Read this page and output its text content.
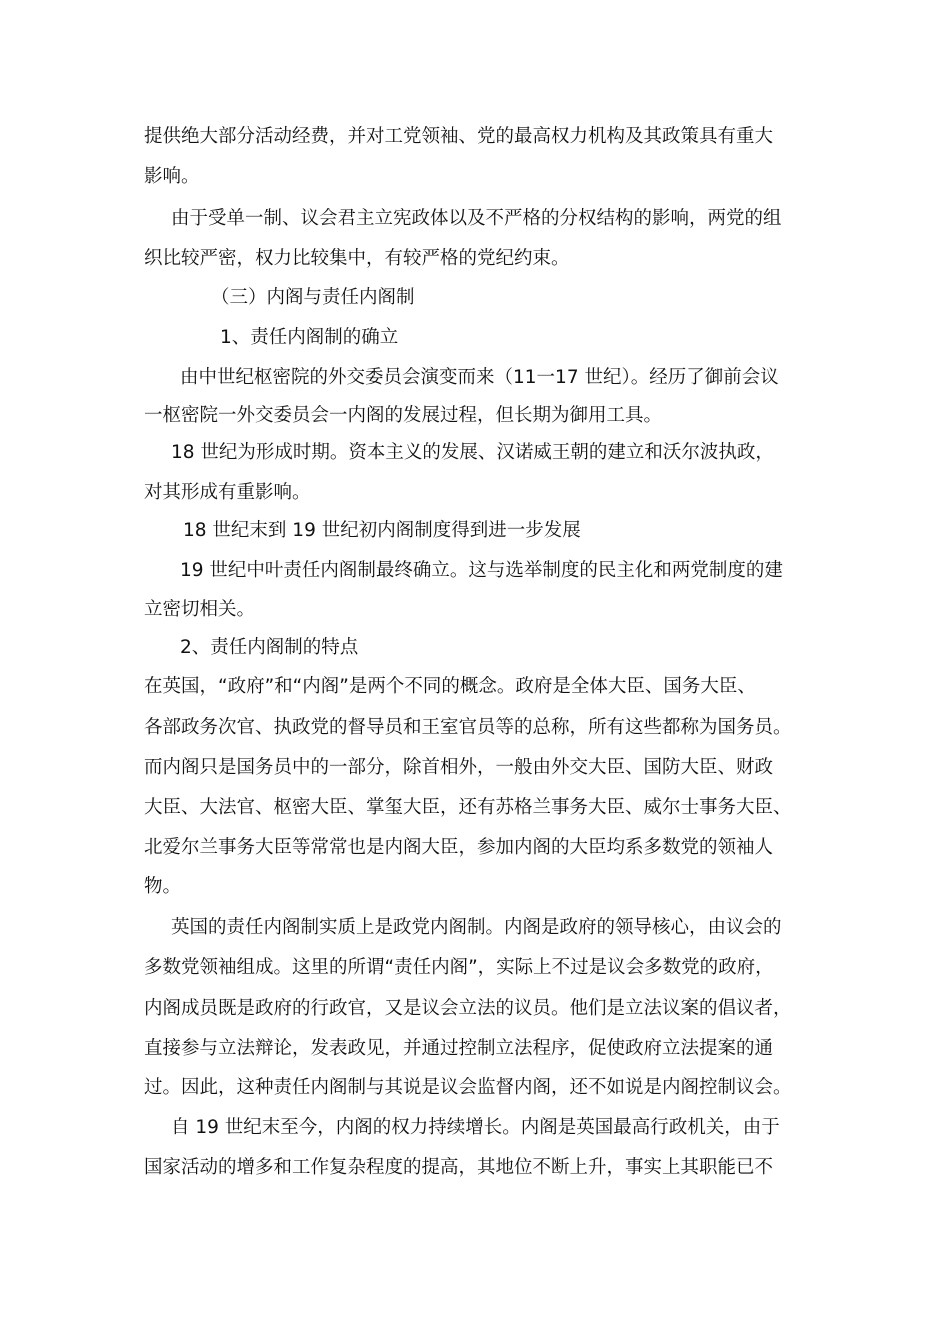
提供绝大部分活动经费，并对工党领袖、党的最高权力机构及其政策具有重大
影响。
由于受单一制、议会君主立宪政体以及不严格的分权结构的影响，两党的组
织比较严密，权力比较集中，有较严格的党纪约束。
（三）内阁与责任内阁制
1、责任内阁制的确立
由中世纪枢密院的外交委员会演变而来（11一17 世纪）。经历了御前会议
一枢密院一外交委员会一内阁的发展过程，但长期为御用工具。
18 世纪为形成时期。资本主义的发展、汉诺威王朝的建立和沃尔波执政，
对其形成有重影响。
18 世纪末到 19 世纪初内阁制度得到进一步发展
19 世纪中叶责任内阁制最终确立。这与选举制度的民主化和两党制度的建
立密切相关。
2、责任内阁制的特点
在英国，“政府”和“内阁”是两个不同的概念。政府是全体大臣、国务大臣、
各部政务次官、执政党的督导员和王室官员等的总称，所有这些都称为国务员。
而内阁只是国务员中的一部分，除首相外，一般由外交大臣、国防大臣、财政
大臣、大法官、枢密大臣、掌玺大臣，还有苏格兰事务大臣、威尔士事务大臣、
北爱尔兰事务大臣等常常也是内阁大臣，参加内阁的大臣均系多数党的领袖人
物。
英国的责任内阁制实质上是政党内阁制。内阁是政府的领导核心，由议会的
多数党领袖组成。这里的所谓“责任内阁”，实际上不过是议会多数党的政府，
内阁成员既是政府的行政官，又是议会立法的议员。他们是立法议案的倡议者，
直接参与立法辩论，发表政见，并通过控制立法程序，促使政府立法提案的通
过。因此，这种责任内阁制与其说是议会监督内阁，还不如说是内阁控制议会。
自 19 世纪末至今，内阁的权力持续增长。内阁是英国最高行政机关，由于
国家活动的增多和工作复杂程度的提高，其地位不断上升，事实上其职能已不
